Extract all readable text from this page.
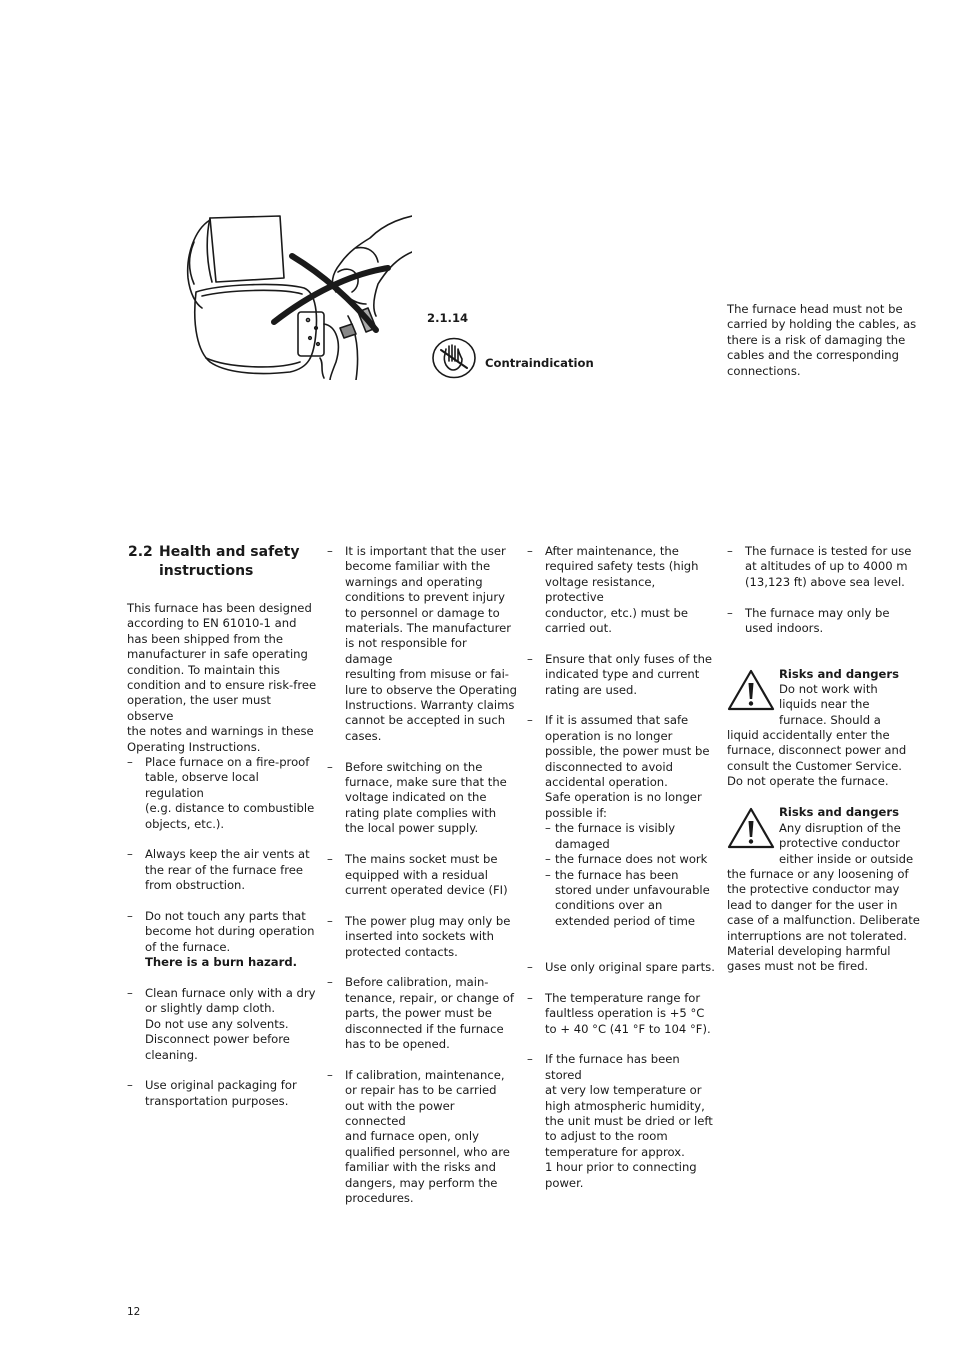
2.1.14
Contraindication
The furnace head must not be
carried by holding the cables, as
there is a risk of damaging the
cables and the corresponding
connections.
2.2 Health and safety
instructions
This furnace has been designed
according to EN 61010-1 and
has been shipped from the
manufacturer in safe operating
condition. To maintain this
condition and to ensure risk-free
operation, the user must observe
the notes and warnings in these
Operating Instructions.
– Place furnace on a fire-proof
table, observe local regulation
(e.g. distance to combustible
objects, etc.).
– Always keep the air vents at
the rear of the furnace free
from obstruction.
– Do not touch any parts that
become hot during operation
of the furnace.
There is a burn hazard.
– Clean furnace only with a dry
or slightly damp cloth.
Do not use any solvents.
Disconnect power before
cleaning.
– Use original packaging for
transportation purposes.
– It is important that the user
become familiar with the
warnings and operating
conditions to prevent injury
to personnel or damage to
materials. The manufacturer
is not responsible for damage
resulting from misuse or fai-
lure to observe the Operating
Instructions. Warranty claims
cannot be accepted in such
cases.
– Before switching on the
furnace, make sure that the
voltage indicated on the
rating plate complies with
the local power supply.
– The mains socket must be
equipped with a residual
current operated device (FI)
– The power plug may only be
inserted into sockets with
protected contacts.
– Before calibration, main-
tenance, repair, or change of
parts, the power must be
disconnected if the furnace
has to be opened.
– If calibration, maintenance,
or repair has to be carried
out with the power connected
and furnace open, only
qualified personnel, who are
familiar with the risks and
dangers, may perform the
procedures.
– After maintenance, the
required safety tests (high
voltage resistance, protective
conductor, etc.) must be
carried out.
– Ensure that only fuses of the
indicated type and current
rating are used.
– If it is assumed that safe
operation is no longer
possible, the power must be
disconnected to avoid
accidental operation.
Safe operation is no longer
possible if:

– the furnace is visibly
damaged
– the furnace does not work
– the furnace has been
stored under unfavourable
conditions over an
extended period of time

– Use only original spare parts.
– The temperature range for
faultless operation is +5 °C
to + 40 °C (41 °F to 104 °F).
– If the furnace has been stored
at very low temperature or
high atmospheric humidity,
the unit must be dried or left
to adjust to the room
temperature for approx.
1 hour prior to connecting
power.
– The furnace is tested for use
at altitudes of up to 4000 m
(13,123 ft) above sea level.
– The furnace may only be
used indoors.
Risks and dangers
Do not work with
liquids near the
furnace. Should a
liquid accidentally enter the
furnace, disconnect power and
consult the Customer Service.
Do not operate the furnace.
Risks and dangers
Any disruption of the
protective conductor
either inside or outside
the furnace or any loosening of
the protective conductor may
lead to danger for the user in
case of a malfunction. Deliberate
interruptions are not tolerated.
Material developing harmful
gases must not be fired.
12
